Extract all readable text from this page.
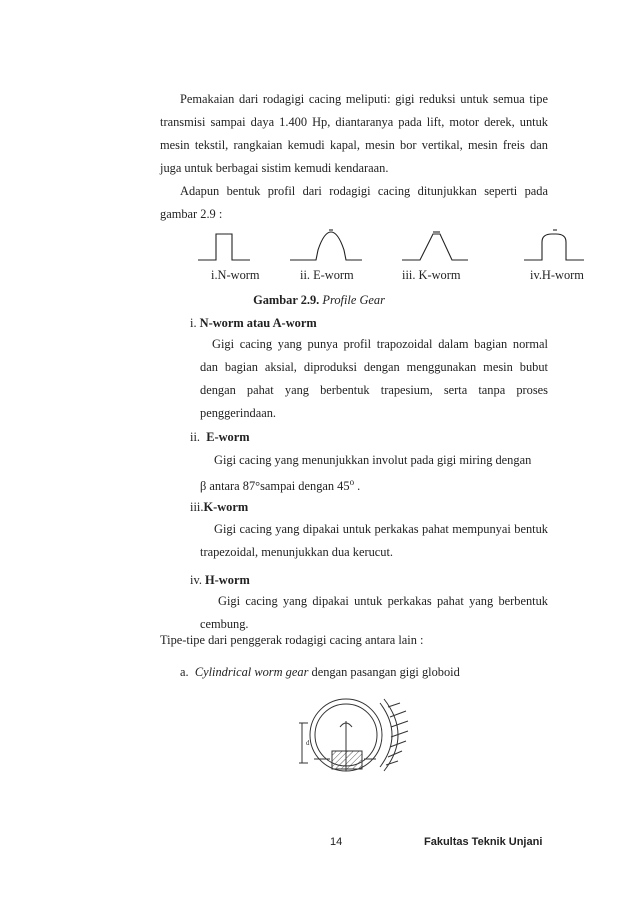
Pemakaian dari rodagigi cacing meliputi: gigi reduksi untuk semua tipe transmisi sampai daya 1.400 Hp, diantaranya pada lift, motor derek, untuk mesin tekstil, rangkaian kemudi kapal, mesin bor vertikal, mesin freis dan juga untuk berbagai sistim kemudi kendaraan.

Adapun bentuk profil dari rodagigi cacing ditunjukkan seperti pada gambar 2.9 :

i.N-worm	ii. E-worm	iii. K-worm	iv.H-worm
Gambar 2.9. Profile Gear
i. N-worm atau A-worm

Gigi cacing yang punya profil trapozoidal dalam bagian normal dan bagian aksial, diproduksi dengan menggunakan mesin bubut dengan pahat yang berbentuk trapesium, serta tanpa proses penggerindaan.

ii. E-worm
Gigi cacing yang menunjukkan involut pada gigi miring dengan
β antara 87°sampai dengan 45$^o$ .
iii.K-worm

Gigi cacing yang dipakai untuk perkakas pahat mempunyai bentuk trapezoidal, menunjukkan dua kerucut.

iv. H-worm

Gigi cacing yang dipakai untuk perkakas pahat yang berbentuk cembung.

Tipe-tipe dari penggerak rodagigi cacing antara lain :
a. Cylindrical worm gear dengan pasangan gigi globoid
d
14	Fakultas Teknik Unjani
